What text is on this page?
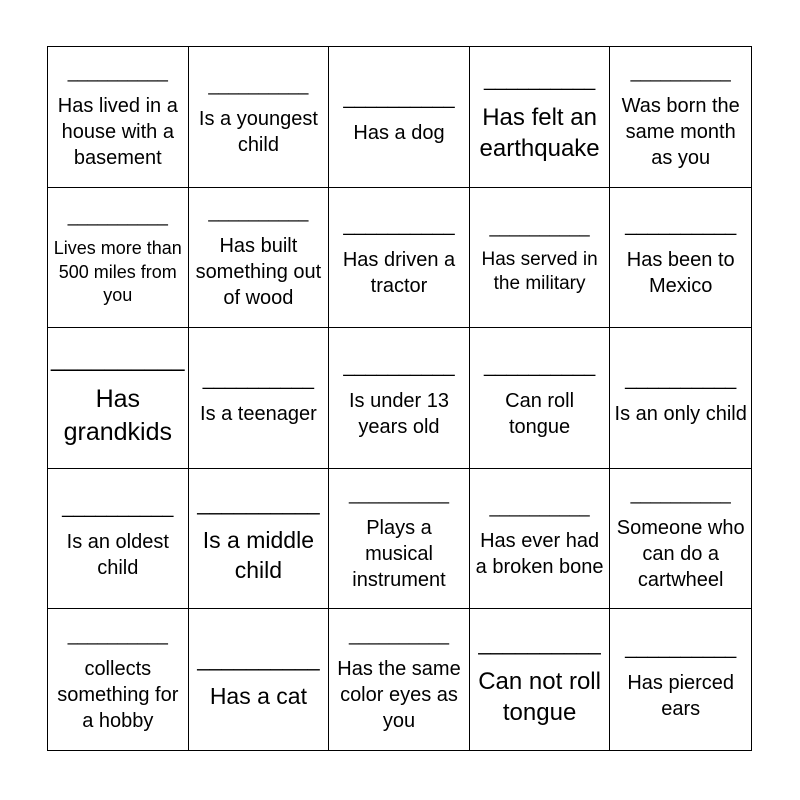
__________
Has lived in a house with a basement
__________
Is a youngest child
__________
Has a dog
__________
Has felt an earthquake
__________
Was born the same month as you
__________
Lives more than 500 miles from you
__________
Has built something out of wood
__________
Has driven a tractor
__________
Has served in the military
__________
Has been to Mexico
__________
Has grandkids
__________
Is a teenager
__________
Is under 13 years old
__________
Can roll tongue
__________
Is an only child
__________
Is an oldest child
__________
Is a middle child
__________
Plays a musical instrument
__________
Has ever had a broken bone
__________
Someone who can do a cartwheel
__________
collects something for a hobby
__________
Has a cat
__________
Has the same color eyes as you
__________
Can not roll tongue
__________
Has pierced ears
